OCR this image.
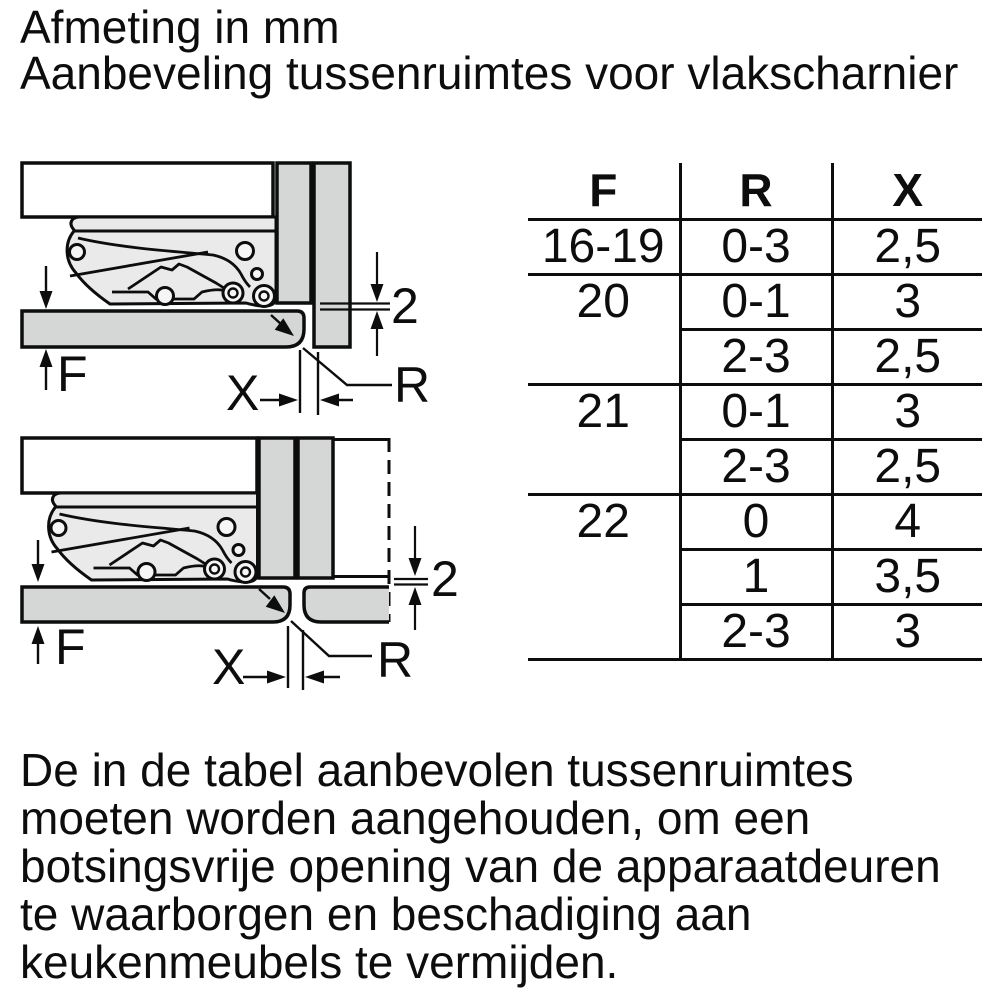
Afmeting in mm
Aanbeveling tussenruimtes voor vlakscharnier
F	X	R
2
F	X	R
2
F	R	X
16-19	0-3	2,5
20	0-1	3
	2-3	2,5
21	0-1	3
	2-3	2,5
22	0	4
	1	3,5
	2-3	3
De in de tabel aanbevolen tussenruimtes
moeten worden aangehouden, om een
botsingsvrije opening van de apparaatdeuren
te waarborgen en beschadiging aan
keukenmeubels te vermijden.
